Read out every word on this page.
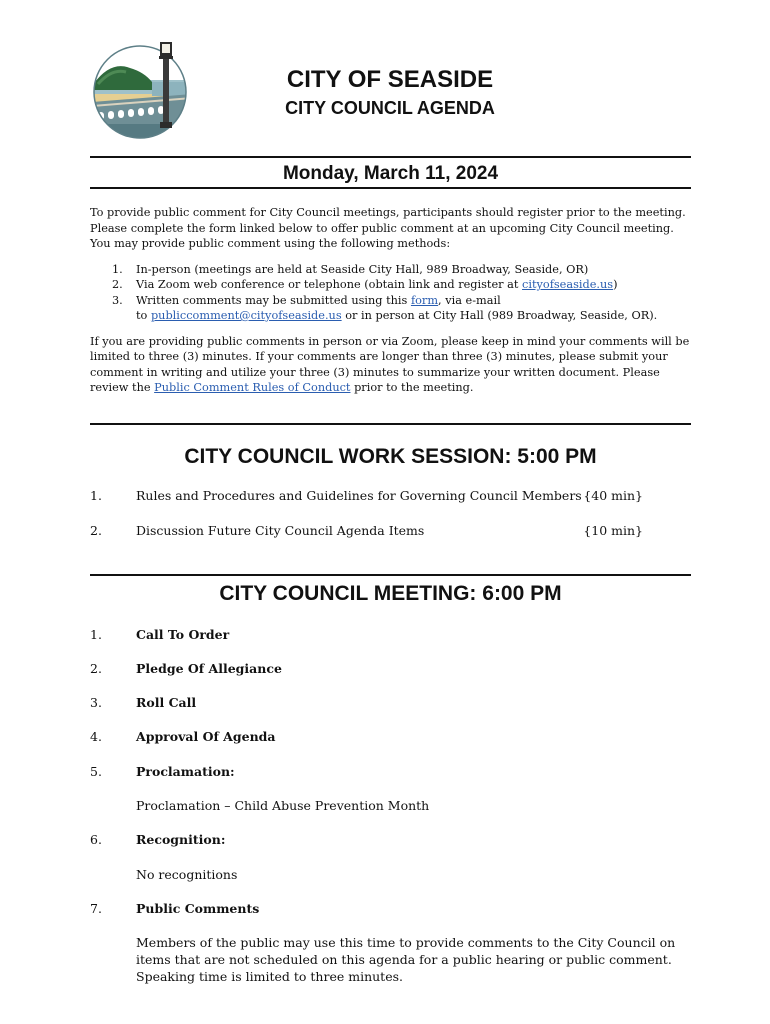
CITY OF SEASIDE
CITY COUNCIL AGENDA
Monday, March 11, 2024

To provide public comment for City Council meetings, participants should register prior to the meeting. Please complete the form linked below to offer public comment at an upcoming City Council meeting. You may provide public comment using the following methods:

1. In-person (meetings are held at Seaside City Hall, 989 Broadway, Seaside, OR)
2. Via Zoom web conference or telephone (obtain link and register at cityofseaside.us)
3. Written comments may be submitted using this form, via e-mail
to publiccomment@cityofseaside.us or in person at City Hall (989 Broadway, Seaside, OR).

If you are providing public comments in person or via Zoom, please keep in mind your comments will be limited to three (3) minutes. If your comments are longer than three (3) minutes, please submit your comment in writing and utilize your three (3) minutes to summarize your written document. Please review the Public Comment Rules of Conduct prior to the meeting.

CITY COUNCIL WORK SESSION: 5:00 PM
1.	Rules and Procedures and Guidelines for Governing Council Members {40 min}
2.	Discussion Future City Council Agenda Items	{10 min}
CITY COUNCIL MEETING: 6:00 PM
1.	Call To Order
2.	Pledge Of Allegiance
3.	Roll Call
4.	Approval Of Agenda
5.	Proclamation:
Proclamation – Child Abuse Prevention Month
6.	Recognition:
No recognitions
7.	Public Comments
Members of the public may use this time to provide comments to the City Council on items that are not scheduled on this agenda for a public hearing or public comment. Speaking time is limited to three minutes.
